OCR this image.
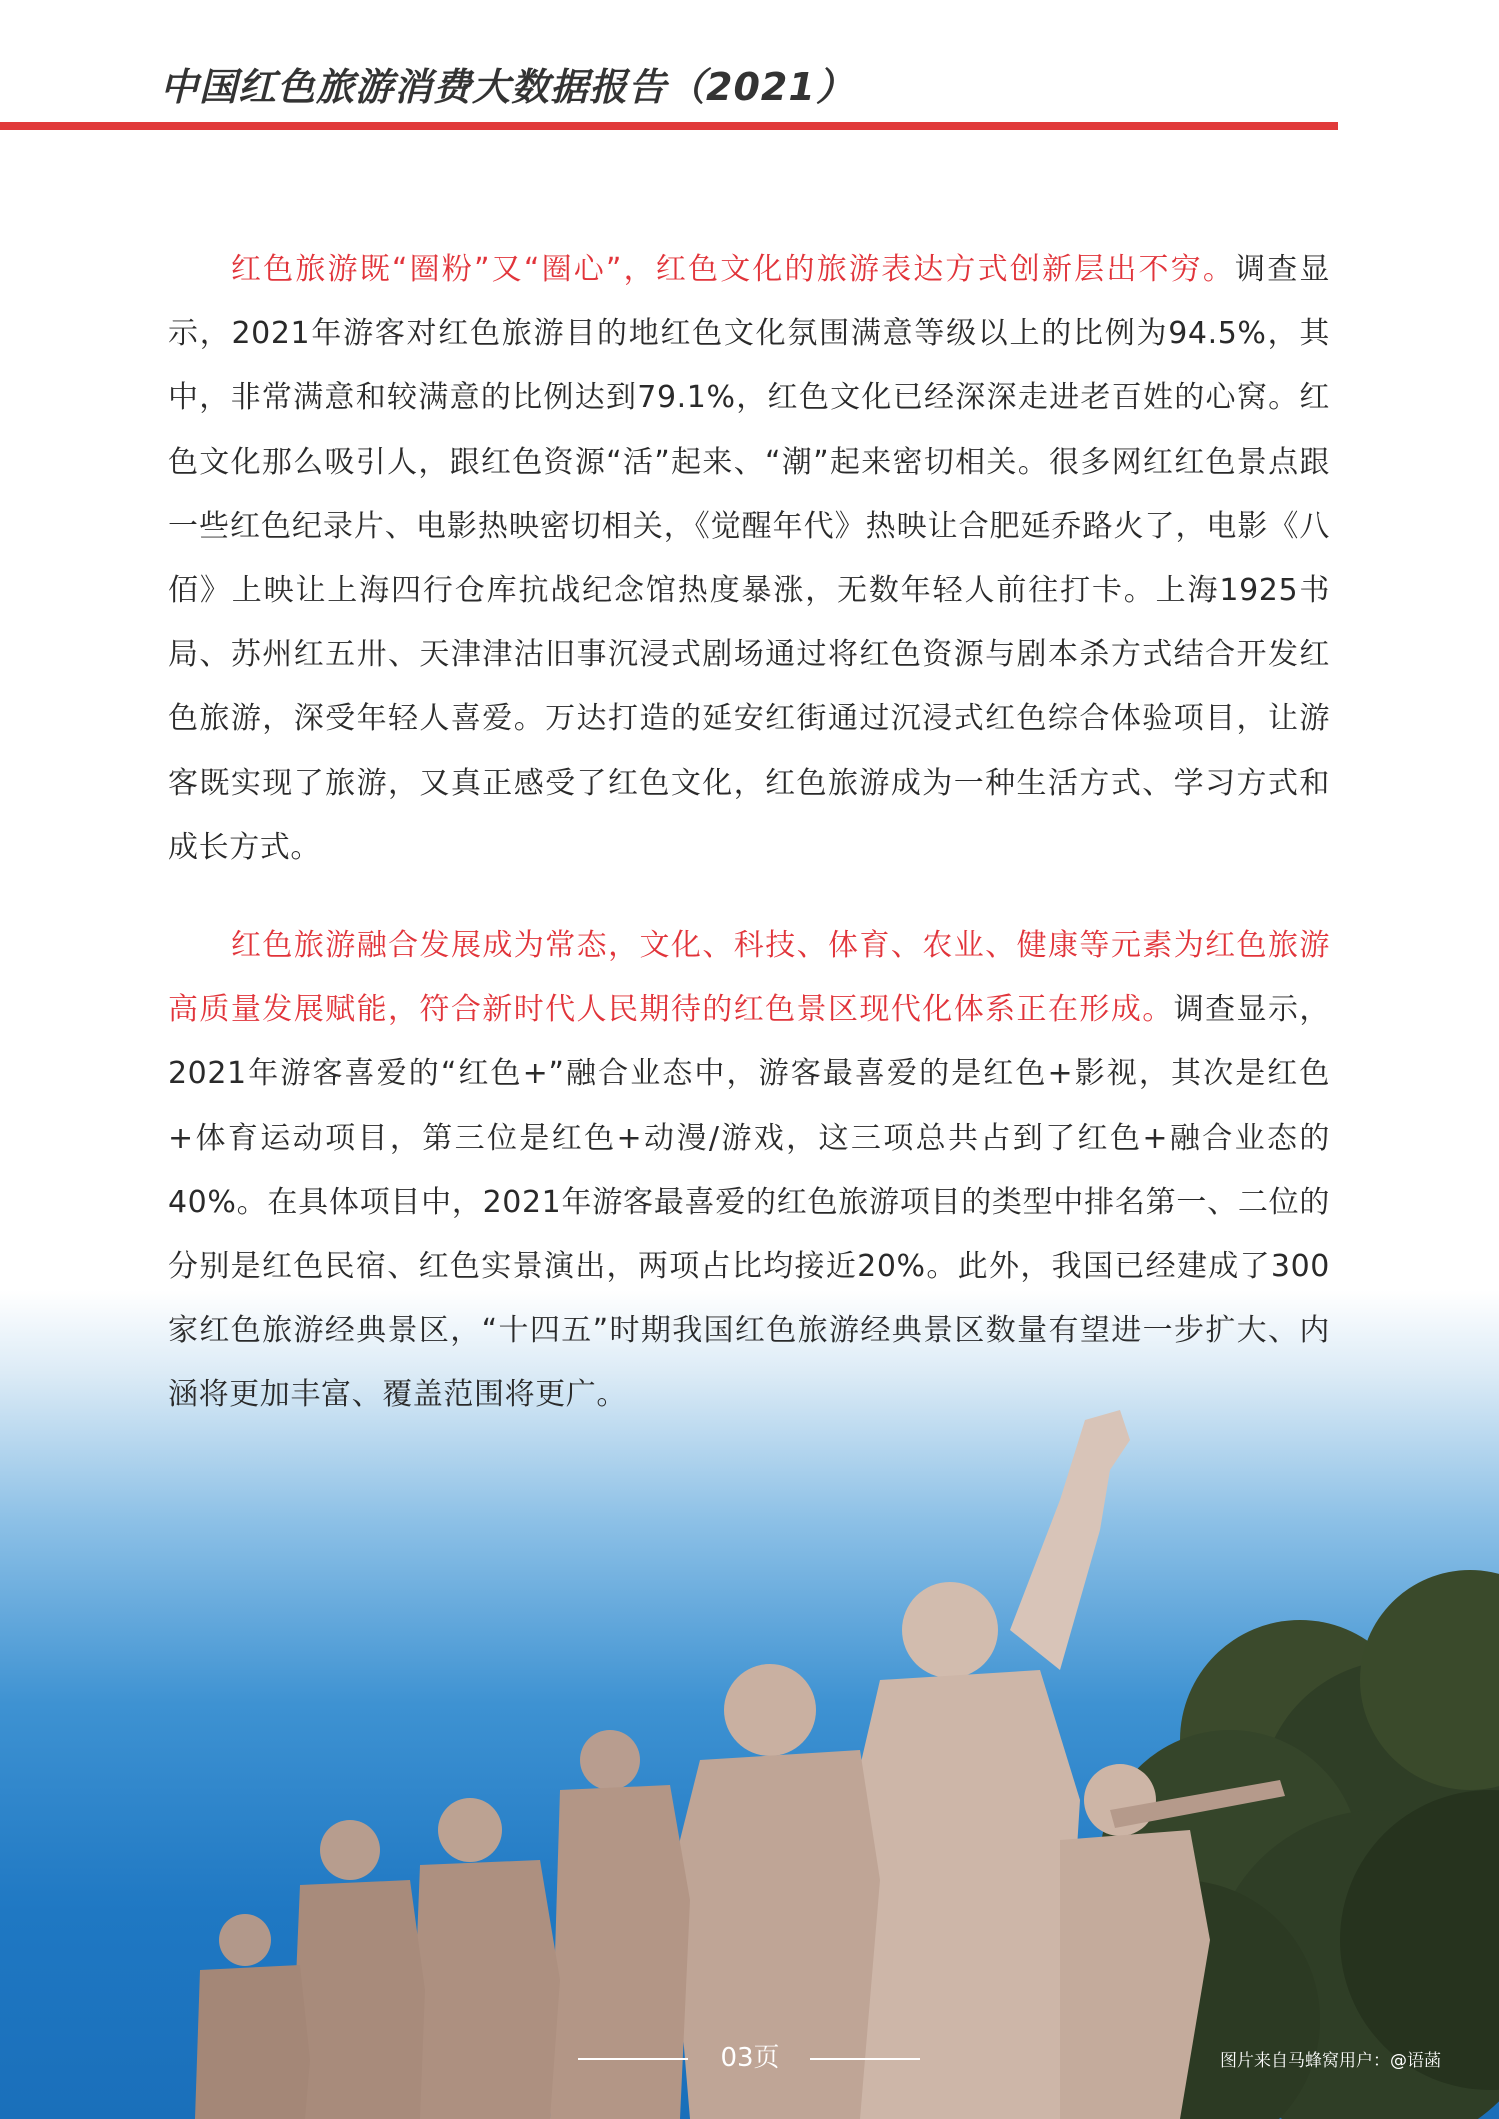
中国红色旅游消费大数据报告（2021）

红色旅游既“圈粉”又“圈心”，红色文化的旅游表达方式创新层出不穷。调查显示，2021年游客对红色旅游目的地红色文化氛围满意等级以上的比例为94.5%，其中，非常满意和较满意的比例达到79.1%，红色文化已经深深走进老百姓的心窝。红色文化那么吸引人，跟红色资源“活”起来、“潮”起来密切相关。很多网红红色景点跟一些红色纪录片、电影热映密切相关，《觉醒年代》热映让合肥延乔路火了，电影《八佰》上映让上海四行仓库抗战纪念馆热度暴涨，无数年轻人前往打卡。上海1925书局、苏州红五卅、天津津沽旧事沉浸式剧场通过将红色资源与剧本杀方式结合开发红色旅游，深受年轻人喜爱。万达打造的延安红街通过沉浸式红色综合体验项目，让游客既实现了旅游，又真正感受了红色文化，红色旅游成为一种生活方式、学习方式和成长方式。

红色旅游融合发展成为常态，文化、科技、体育、农业、健康等元素为红色旅游高质量发展赋能，符合新时代人民期待的红色景区现代化体系正在形成。调查显示，2021年游客喜爱的“红色+”融合业态中，游客最喜爱的是红色+影视，其次是红色+体育运动项目，第三位是红色+动漫/游戏，这三项总共占到了红色+融合业态的40%。在具体项目中，2021年游客最喜爱的红色旅游项目的类型中排名第一、二位的分别是红色民宿、红色实景演出，两项占比均接近20%。此外，我国已经建成了300家红色旅游经典景区，“十四五”时期我国红色旅游经典景区数量有望进一步扩大、内涵将更加丰富、覆盖范围将更广。

03页	图片来自马蜂窝用户：@语菡
